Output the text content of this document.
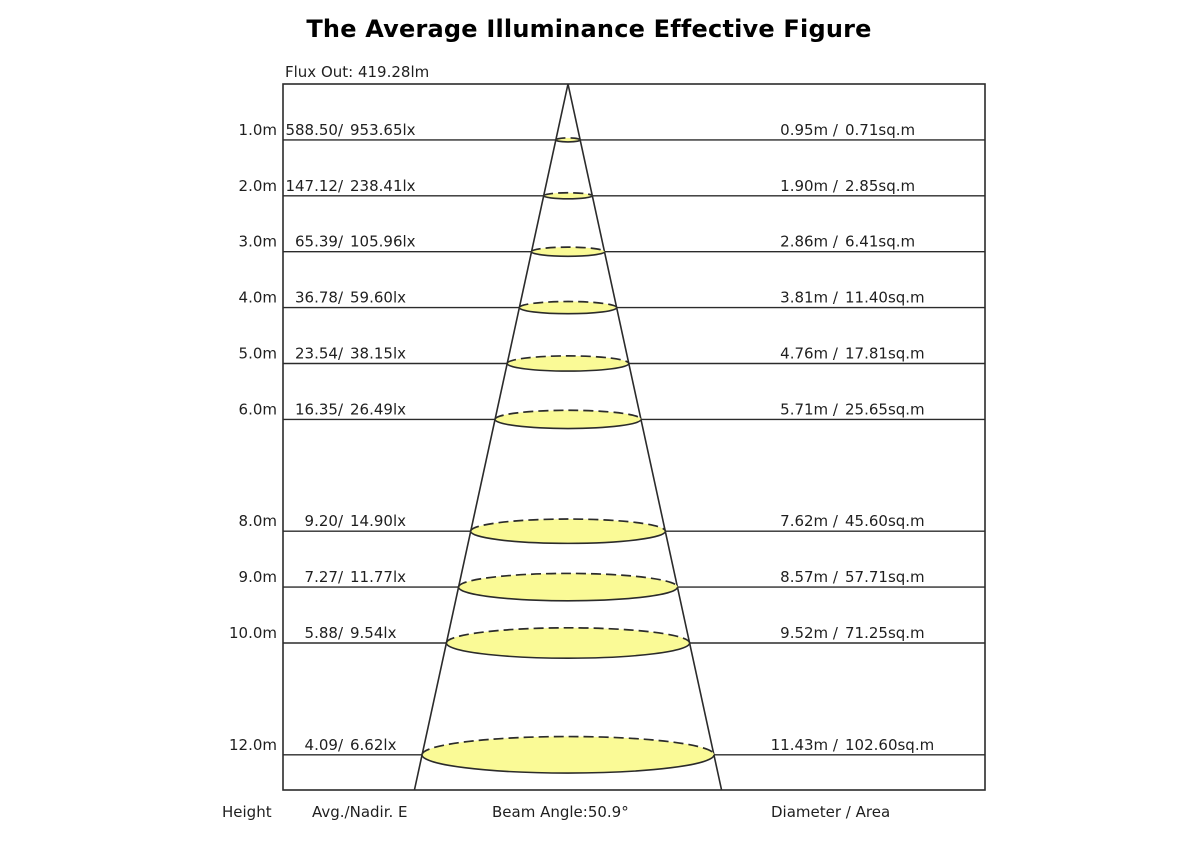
The Average Illuminance Effective Figure
Flux Out: 419.28lm
1.0m 588.50/ 953.65lx	0.95m / 0.71sq.m
2.0m 147.12/ 238.41lx	1.90m / 2.85sq.m
3.0m 65.39/ 105.96lx	2.86m / 6.41sq.m
4.0m 36.78/ 59.60lx	3.81m / 11.40sq.m
5.0m 23.54/ 38.15lx	4.76m / 17.81sq.m
6.0m 16.35/ 26.49lx	5.71m / 25.65sq.m
8.0m 9.20/ 14.90lx	7.62m / 45.60sq.m
9.0m 7.27/ 11.77lx	8.57m / 57.71sq.m
10.0m 5.88/ 9.54lx	9.52m / 71.25sq.m
12.0m 4.09/ 6.62lx	11.43m / 102.60sq.m
Height	Avg./Nadir. E	Beam Angle:50.9°	Diameter / Area
